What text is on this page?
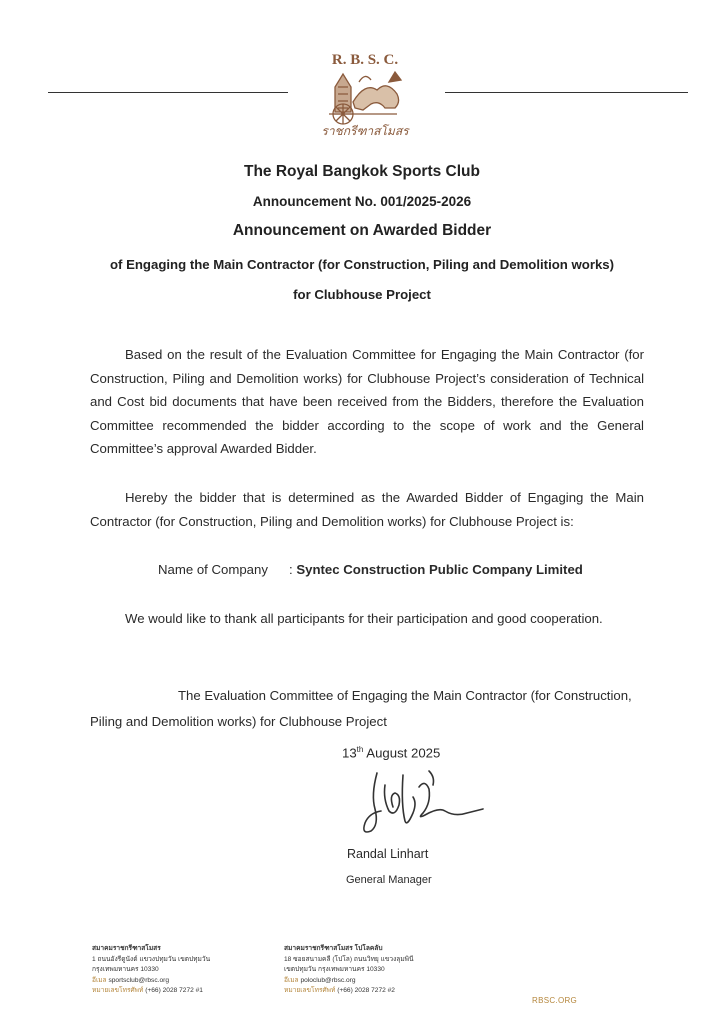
R. B. S. C.
ราชกรีฑาสโมสร
The Royal Bangkok Sports Club
Announcement No. 001/2025-2026
Announcement on Awarded Bidder
of Engaging the Main Contractor (for Construction, Piling and Demolition works)
for Clubhouse Project
Based on the result of the Evaluation Committee for Engaging the Main Contractor (for Construction, Piling and Demolition works) for Clubhouse Project’s consideration of Technical and Cost bid documents that have been received from the Bidders, therefore the Evaluation Committee recommended the bidder according to the scope of work and the General Committee’s approval Awarded Bidder.
Hereby the bidder that is determined as the Awarded Bidder of Engaging the Main Contractor (for Construction, Piling and Demolition works) for Clubhouse Project is:
Name of Company : Syntec Construction Public Company Limited
We would like to thank all participants for their participation and good cooperation.
The Evaluation Committee of Engaging the Main Contractor (for Construction,
Piling and Demolition works) for Clubhouse Project
13th August 2025
Randal Linhart
General Manager
สมาคมราชกรีฑาสโมสร
1 ถนนอังรีดูนังต์ แขวงปทุมวัน เขตปทุมวัน
กรุงเทพมหานคร 10330
อีเมล sportsclub@rbsc.org
หมายเลขโทรศัพท์ (+66) 2028 7272 #1
สมาคมราชกรีฑาสโมสร โปโลคลับ
18 ซอยสนามคลี (โปโล) ถนนวิทยุ แขวงลุมพินี
เขตปทุมวัน กรุงเทพมหานคร 10330
อีเมล poloclub@rbsc.org
หมายเลขโทรศัพท์ (+66) 2028 7272 #2
RBSC.ORG
